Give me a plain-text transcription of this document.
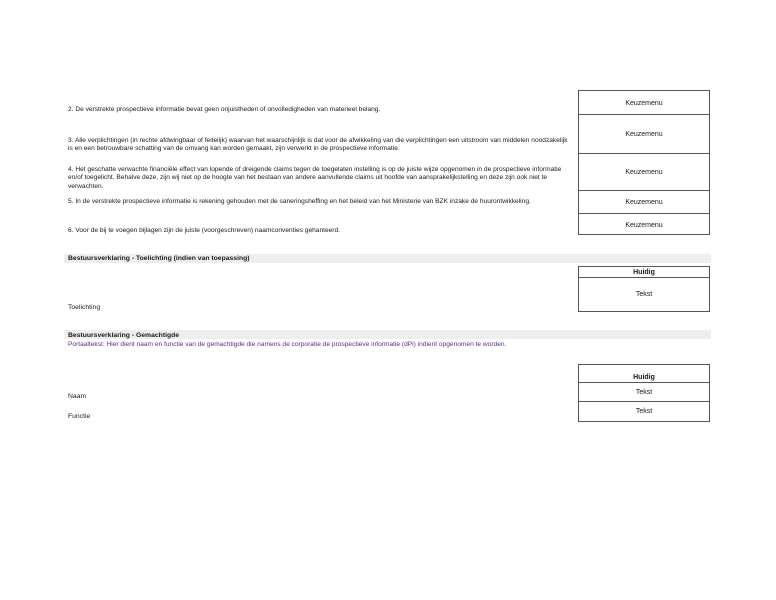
2. De verstrekte prospectieve informatie bevat geen onjuistheden of onvolledigheden van materieel belang.
Keuzemenu
3. Alle verplichtingen (in rechte afdwingbaar of feitelijk) waarvan het waarschijnlijk is dat voor de afwikkeling van die verplichtingen een uitstroom van middelen noodzakelijk is en een betrouwbare schatting van de omvang kan worden gemaakt, zijn verwerkt in de prospectieve informatie.
Keuzemenu
4. Het geschatte verwachte financiële effect van lopende of dreigende claims tegen de toegelaten instelling is op de juiste wijze opgenomen in de prospectieve informatie en/of toegelicht. Behalve deze, zijn wij niet op de hoogte van het bestaan van andere aanvullende claims uit hoofde van aansprakelijkstelling en deze zijn ook niet te verwachten.
Keuzemenu
5. In de verstrekte prospectieve informatie is rekening gehouden met de saneringsheffing en het beleid van het Ministerie van BZK inzake de huurontwikkeling.	Keuzemenu
6. Voor de bij te voegen bijlagen zijn de juiste (voorgeschreven) naamconventies gehanteerd.
Keuzemenu
Bestuursverklaring - Toelichting (indien van toepassing)
Huidig
Tekst
Toelichting
Bestuursverklaring - Gemachtigde
Portaaltekst: Hier dient naam en functie van de gemachtigde die namens de corporatie de prospectieve informatie (dPi) indient opgenomen te worden.
Huidig
Tekst
Naam
Tekst
Functie
